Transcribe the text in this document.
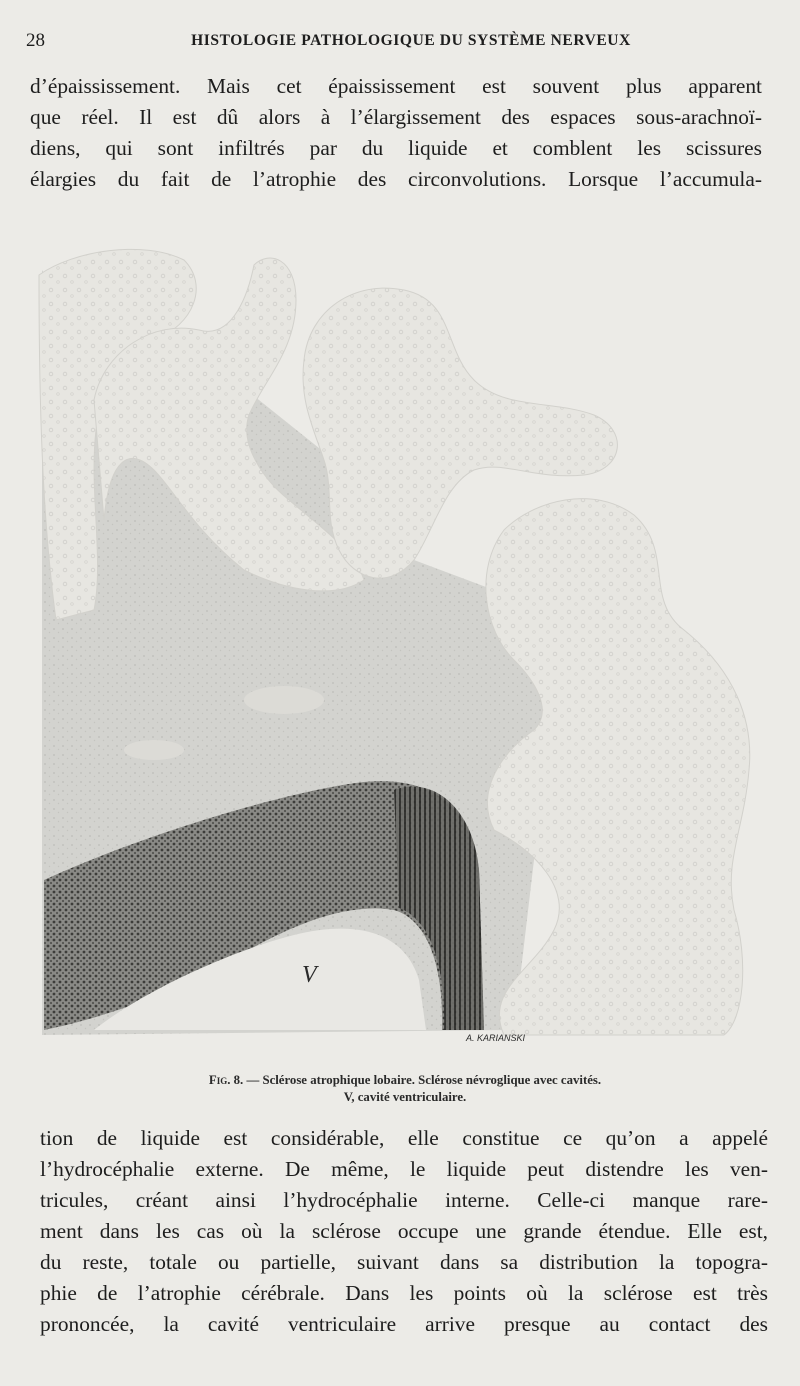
28	HISTOLOGIE PATHOLOGIQUE DU SYSTÈME NERVEUX
d’épaississement. Mais cet épaississement est souvent plus apparent
que réel. Il est dû alors à l’élargissement des espaces sous-arachnoï-
diens, qui sont infiltrés par du liquide et comblent les scissures
élargies du fait de l’atrophie des circonvolutions. Lorsque l’accumula-
V
A. KARIANSKI
Fig. 8. — Sclérose atrophique lobaire. Sclérose névroglique avec cavités.
V, cavité ventriculaire.
tion de liquide est considérable, elle constitue ce qu’on a appelé
l’hydrocéphalie externe. De même, le liquide peut distendre les ven-
tricules, créant ainsi l’hydrocéphalie interne. Celle-ci manque rare-
ment dans les cas où la sclérose occupe une grande étendue. Elle est,
du reste, totale ou partielle, suivant dans sa distribution la topogra-
phie de l’atrophie cérébrale. Dans les points où la sclérose est très
prononcée, la cavité ventriculaire arrive presque au contact des
